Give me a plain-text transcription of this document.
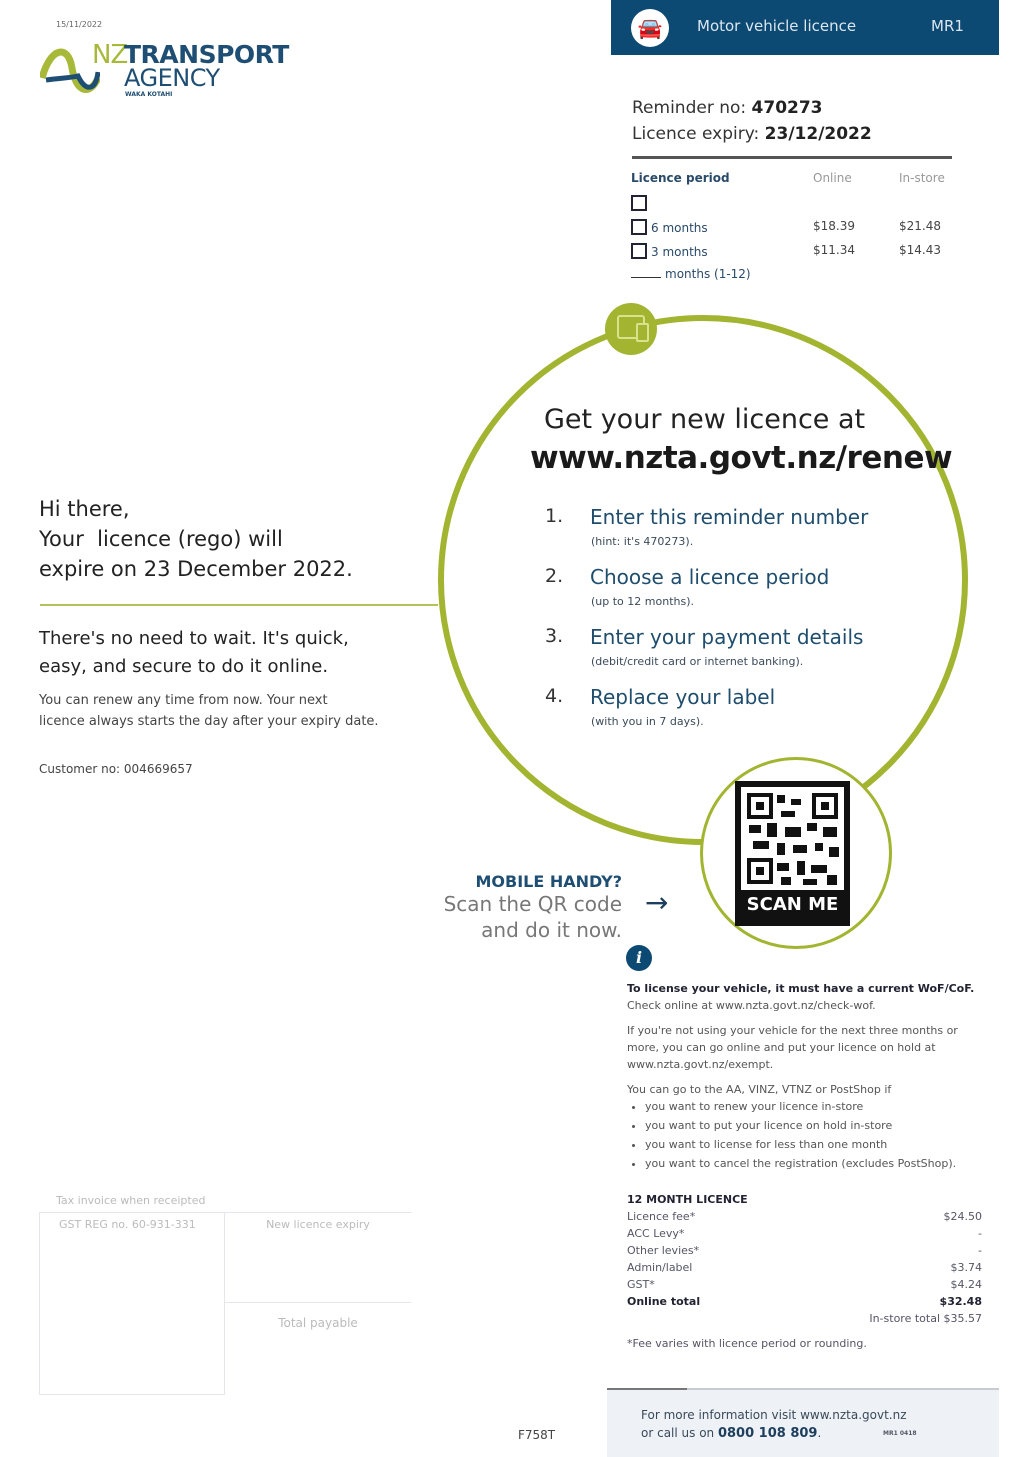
15/11/2022
NZ
TRANSPORT
AGENCY
WAKA KOTAHI
🚘	Motor vehicle licence	MR1
Reminder no: 470273
Licence expiry: 23/12/2022
Licence period	Online	In-store
6 months	$18.39	$21.48
3 months	$11.34	$14.43
months (1-12)
Get your new licence at
www.nzta.govt.nz/renew
1. Enter this reminder number
(hint: it's 470273).
2. Choose a licence period
(up to 12 months).
3. Enter your payment details
(debit/credit card or internet banking).
4. Replace your label
(with you in 7 days).
Hi there,
Your  licence (rego) will
expire on 23 December 2022.
There's no need to wait. It's quick,
easy, and secure to do it online.
You can renew any time from now. Your next
licence always starts the day after your expiry date.
Customer no: 004669657
SCAN ME
MOBILE HANDY?
Scan the QR code
and do it now.
→
i

To license your vehicle, it must have a current WoF/CoF.
Check online at www.nzta.govt.nz/check-wof.

If you're not using your vehicle for the next three months or more, you can go online and put your licence on hold at www.nzta.govt.nz/exempt.

You can go to the AA, VINZ, VTNZ or PostShop if
• you want to renew your licence in-store
• you want to put your licence on hold in-store
• you want to license for less than one month
• you want to cancel the registration (excludes PostShop).
12 MONTH LICENCE
Licence fee*	$24.50
ACC Levy*	-
Other levies*	-
Admin/label	$3.74
GST*	$4.24
Online total	$32.48
In-store total $35.57
*Fee varies with licence period or rounding.
Tax invoice when receipted
GST REG no. 60-931-331	New licence expiry
Total payable
F758T
For more information visit www.nzta.govt.nz
or call us on 0800 108 809.	MR1 0418
